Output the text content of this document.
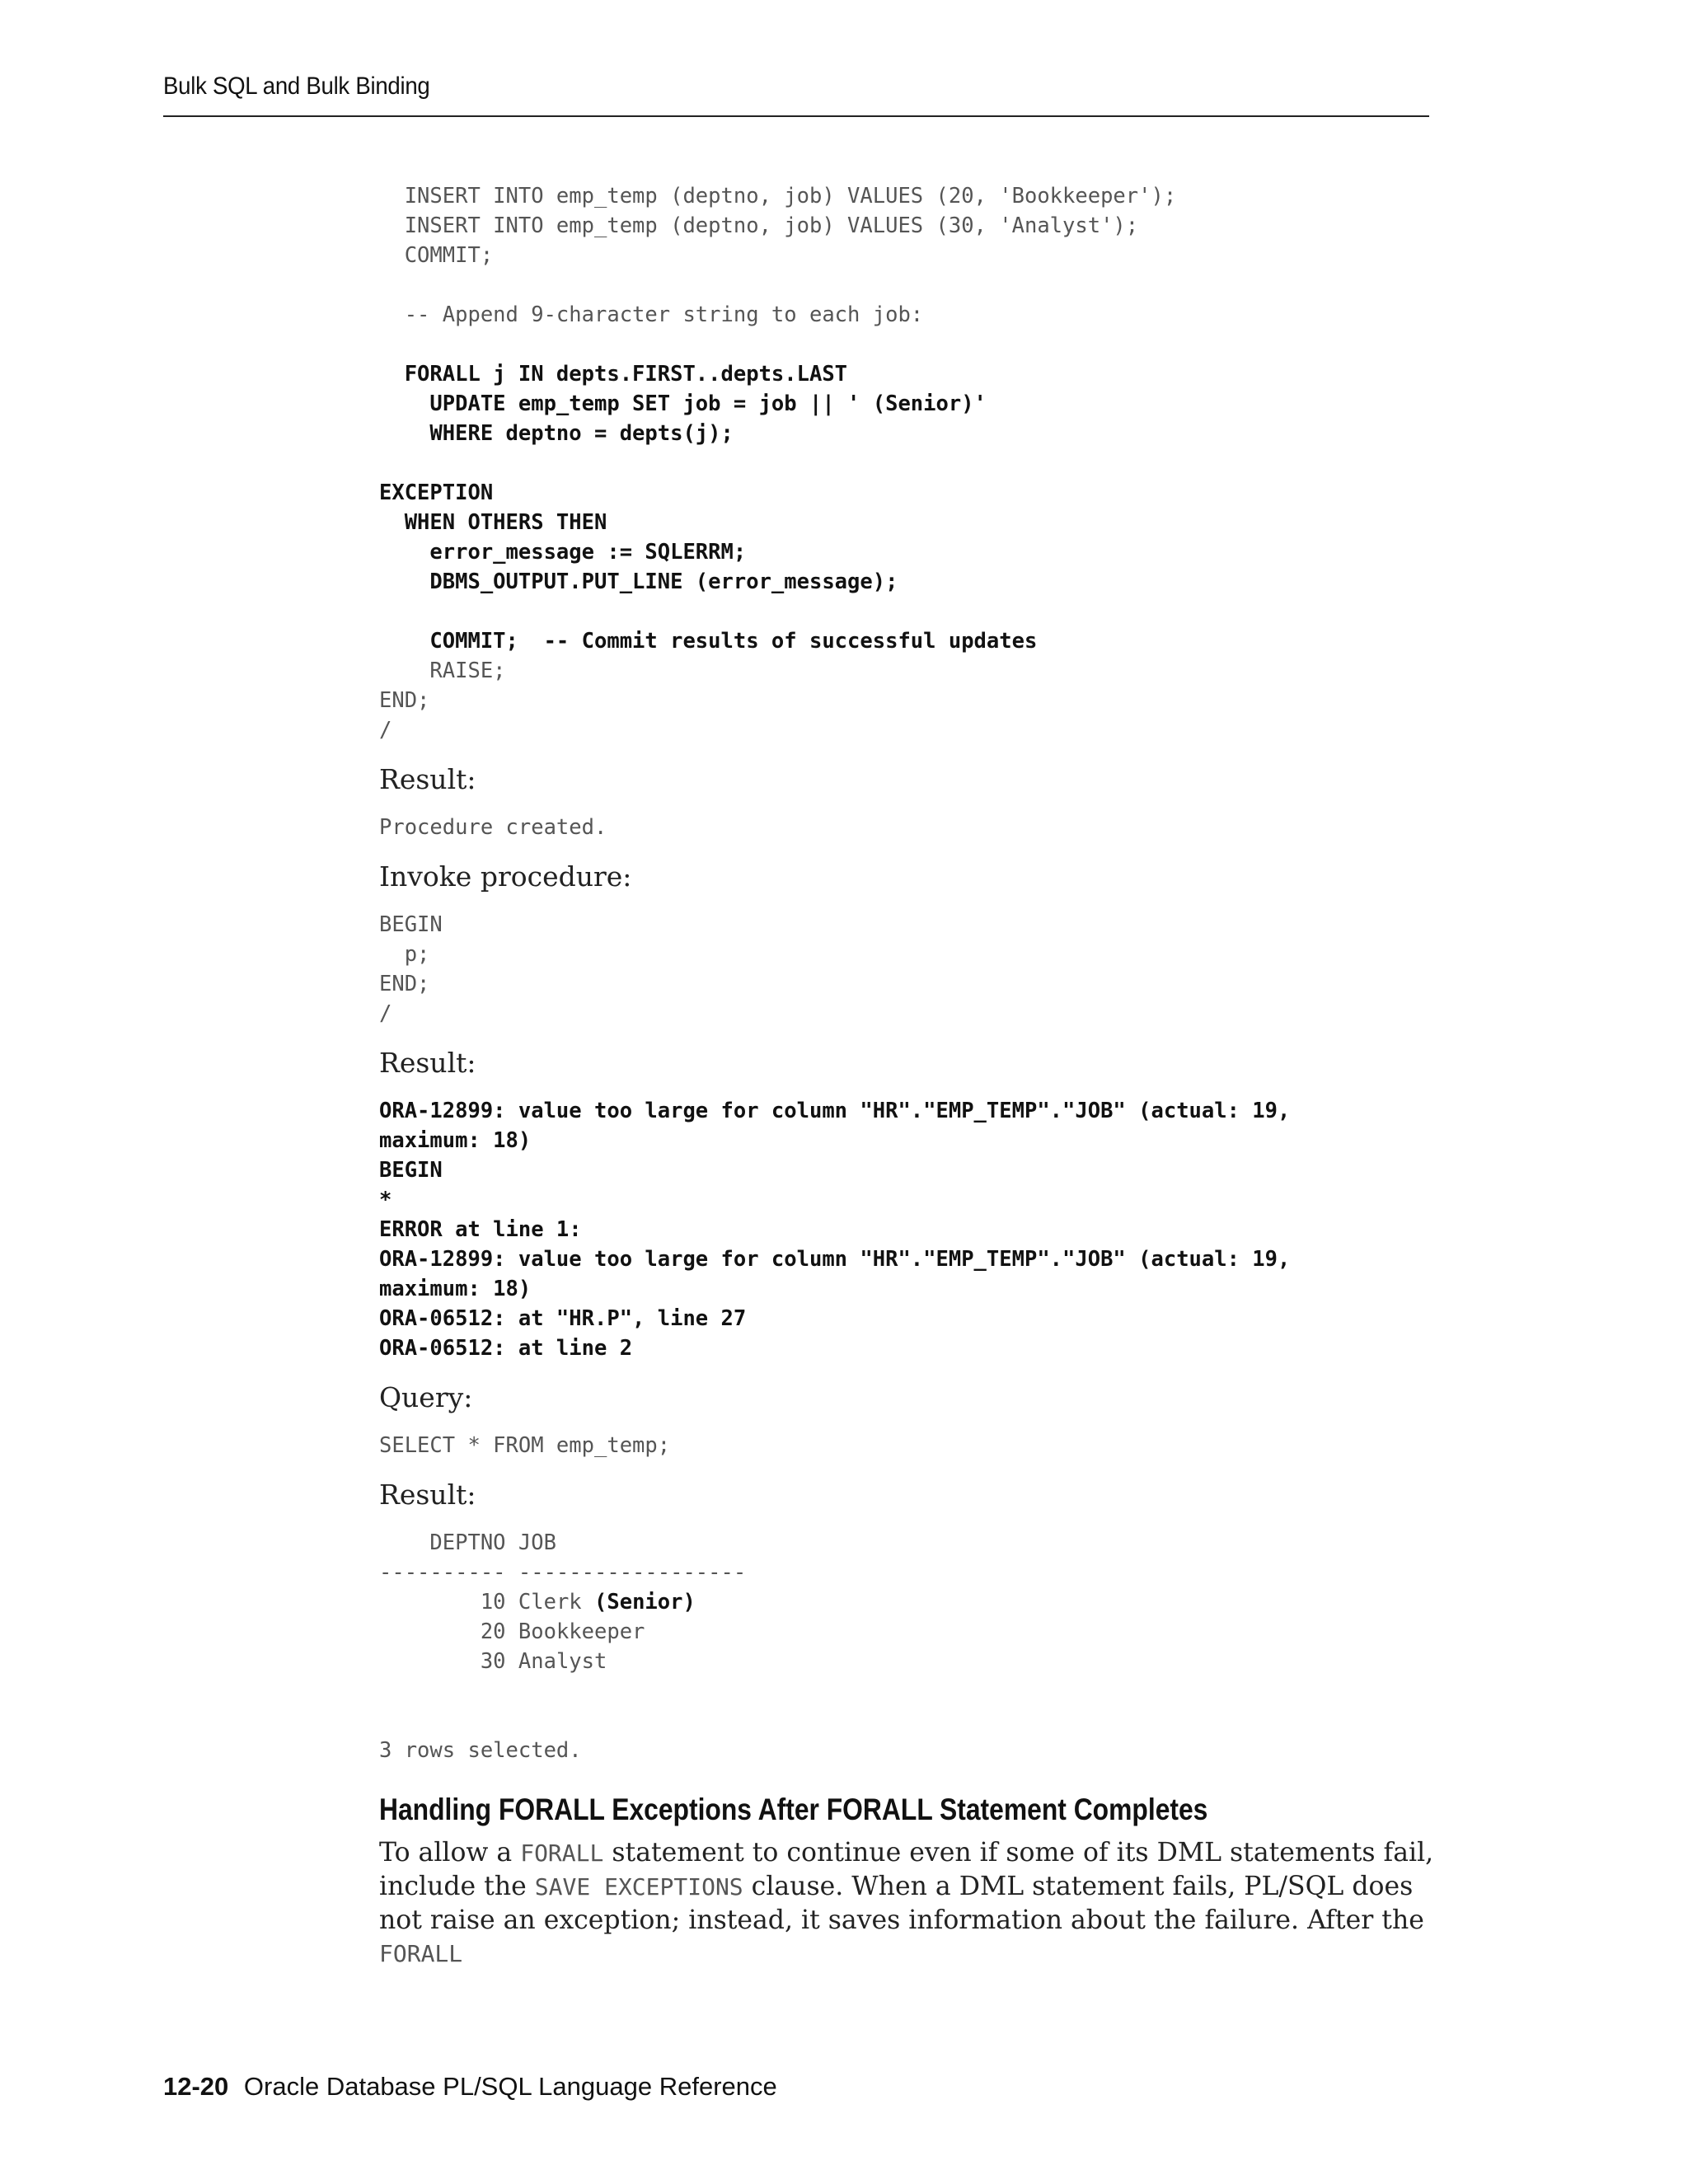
Bulk SQL and Bulk Binding
INSERT INTO emp_temp (deptno, job) VALUES (20, 'Bookkeeper');
INSERT INTO emp_temp (deptno, job) VALUES (30, 'Analyst');
COMMIT;

-- Append 9-character string to each job:

FORALL j IN depts.FIRST..depts.LAST
UPDATE emp_temp SET job = job || ' (Senior)'
WHERE deptno = depts(j);

EXCEPTION
WHEN OTHERS THEN
error_message := SQLERRM;
DBMS_OUTPUT.PUT_LINE (error_message);

COMMIT;  -- Commit results of successful updates
RAISE;
END;
/
Result:
Procedure created.
Invoke procedure:
BEGIN
p;
END;
/
Result:
ORA-12899: value too large for column "HR"."EMP_TEMP"."JOB" (actual: 19,
maximum: 18)
BEGIN
*
ERROR at line 1:
ORA-12899: value too large for column "HR"."EMP_TEMP"."JOB" (actual: 19,
maximum: 18)
ORA-06512: at "HR.P", line 27
ORA-06512: at line 2
Query:
SELECT * FROM emp_temp;
Result:
DEPTNO JOB
---------- ------------------
10 Clerk (Senior)
20 Bookkeeper
30 Analyst

3 rows selected.
Handling FORALL Exceptions After FORALL Statement Completes
To allow a FORALL statement to continue even if some of its DML statements fail, include the SAVE EXCEPTIONS clause. When a DML statement fails, PL/SQL does not raise an exception; instead, it saves information about the failure. After the FORALL
12-20 Oracle Database PL/SQL Language Reference
